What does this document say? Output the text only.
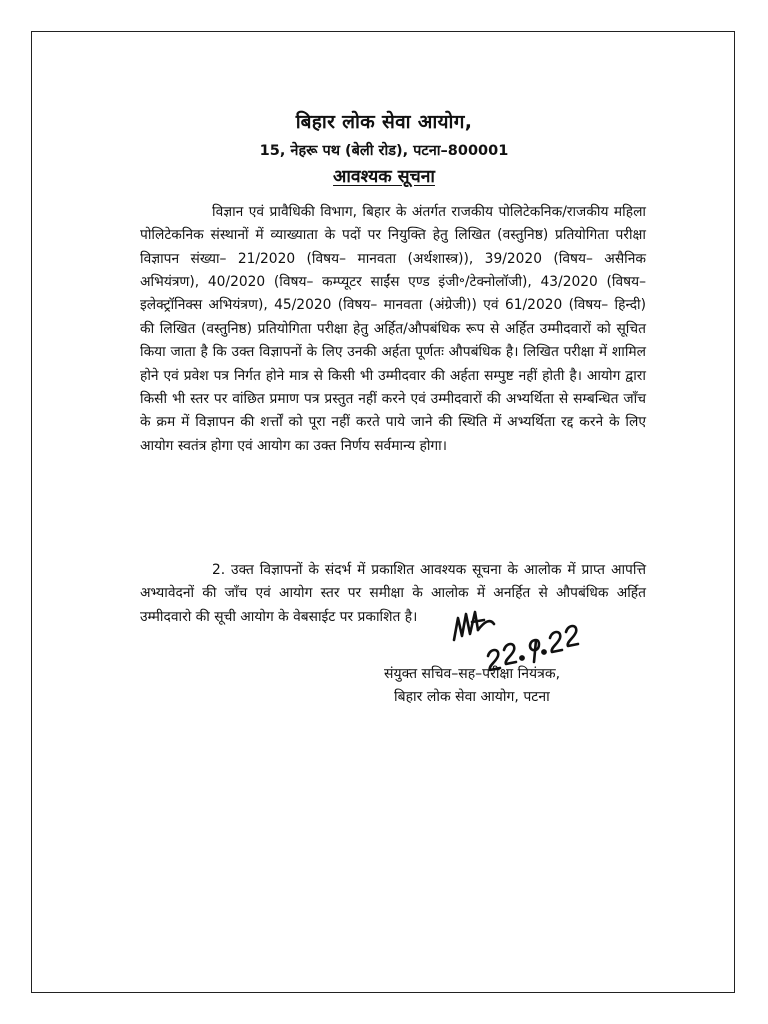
बिहार लोक सेवा आयोग,
15, नेहरू पथ (बेली रोड), पटना–800001
आवश्यक सूचना

विज्ञान एवं प्रावैधिकी विभाग, बिहार के अंतर्गत राजकीय पोलिटेकनिक/राजकीय महिला पोलिटेकनिक संस्थानों में व्याख्याता के पदों पर नियुक्ति हेतु लिखित (वस्तुनिष्ठ) प्रतियोगिता परीक्षा विज्ञापन संख्या– 21/2020 (विषय– मानवता (अर्थशास्त्र)), 39/2020 (विषय– असैनिक अभियंत्रण), 40/2020 (विषय– कम्प्यूटर साईंस एण्ड इंजी॰/टेक्नोलॉजी), 43/2020 (विषय– इलेक्ट्रॉनिक्स अभियंत्रण), 45/2020 (विषय– मानवता (अंग्रेजी)) एवं 61/2020 (विषय– हिन्दी) की लिखित (वस्तुनिष्ठ) प्रतियोगिता परीक्षा हेतु अर्हित/औपबंधिक रूप से अर्हित उम्मीदवारों को सूचित किया जाता है कि उक्त विज्ञापनों के लिए उनकी अर्हता पूर्णतः औपबंधिक है। लिखित परीक्षा में शामिल होने एवं प्रवेश पत्र निर्गत होने मात्र से किसी भी उम्मीदवार की अर्हता सम्पुष्ट नहीं होती है। आयोग द्वारा किसी भी स्तर पर वांछित प्रमाण पत्र प्रस्तुत नहीं करने एवं उम्मीदवारों की अभ्यर्थिता से सम्बन्धित जाँच के क्रम में विज्ञापन की शर्त्तों को पूरा नहीं करते पाये जाने की स्थिति में अभ्यर्थिता रद्द करने के लिए आयोग स्वतंत्र होगा एवं आयोग का उक्त निर्णय सर्वमान्य होगा।

2. उक्त विज्ञापनों के संदर्भ में प्रकाशित आवश्यक सूचना के आलोक में प्राप्त आपत्ति अभ्यावेदनों की जाँच एवं आयोग स्तर पर समीक्षा के आलोक में अनर्हित से औपबंधिक अर्हित उम्मीदवारो की सूची आयोग के वेबसाईट पर प्रकाशित है।

संयुक्त सचिव–सह–परीक्षा नियंत्रक,
बिहार लोक सेवा आयोग, पटना
